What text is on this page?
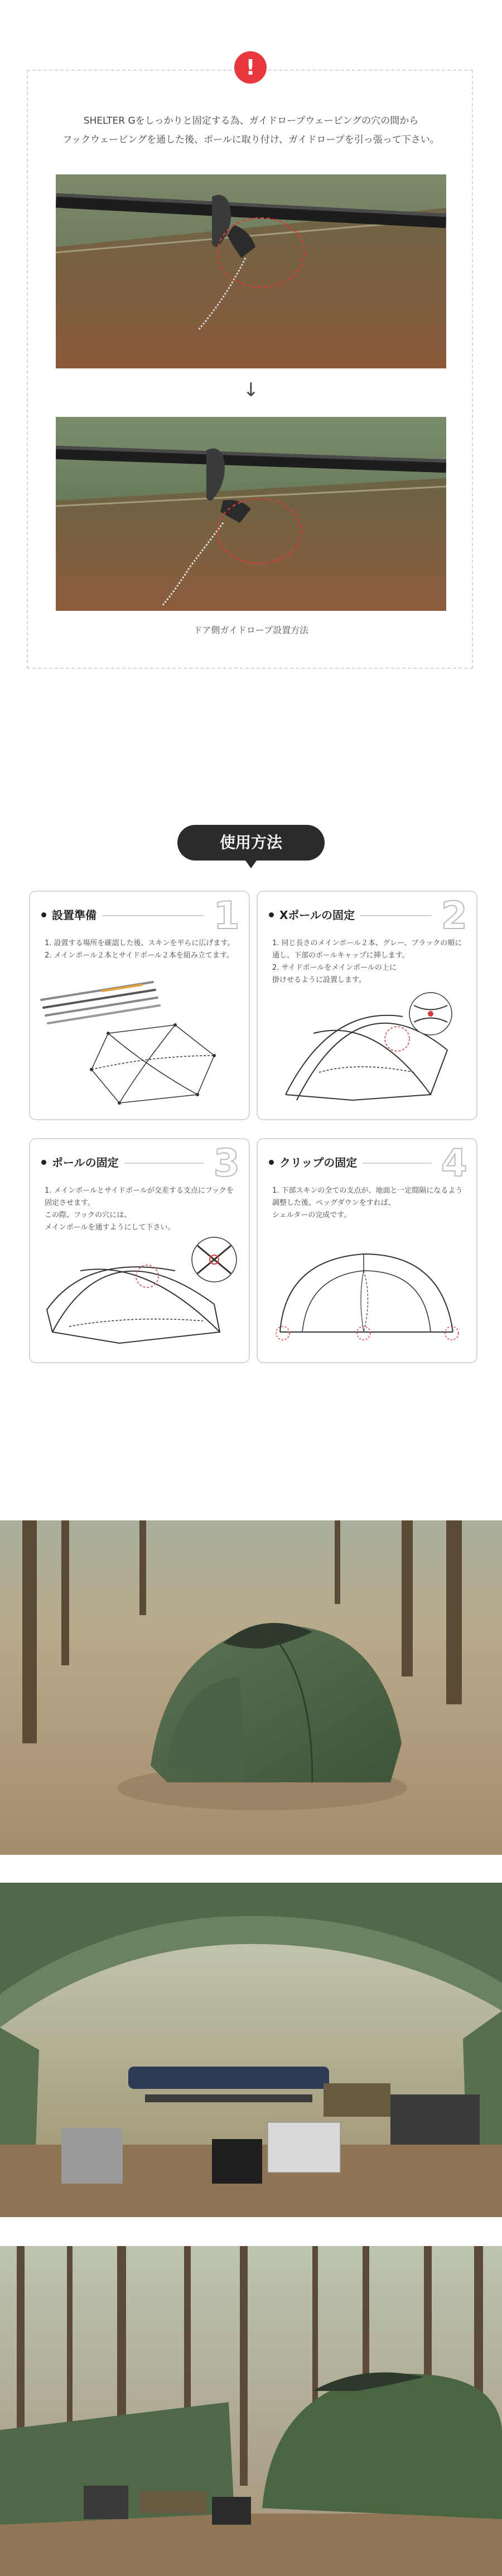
!
SHELTER Gをしっかりと固定する為、ガイドロープウェービングの穴の間から
フックウェービングを通した後、ポールに取り付け、ガイドロープを引っ張って下さい。
↓
ドア側ガイドロープ設置方法
使用方法
設置準備	1
1. 設置する場所を確認した後、スキンを平らに広げます。
2. メインポール２本とサイドポール２本を組み立てます。
Xポールの固定 2
1. 同じ長さのメインポール２本、グレー、ブラックの順に通し、下部のポールキャップに挿します。
2. サイドポールをメインポールの上に
掛けせるように設置します。
ポールの固定	3
1. メインポールとサイドポールが交差する支点にフックを
固定させます。
この際、フックの穴には、
メインポールを通すようにして下さい。
クリップの固定 4
1. 下部スキンの全ての支点が、地面と一定間隔になるよう
調整した後、ペッグダウンをすれば、
シェルターの完成です。
